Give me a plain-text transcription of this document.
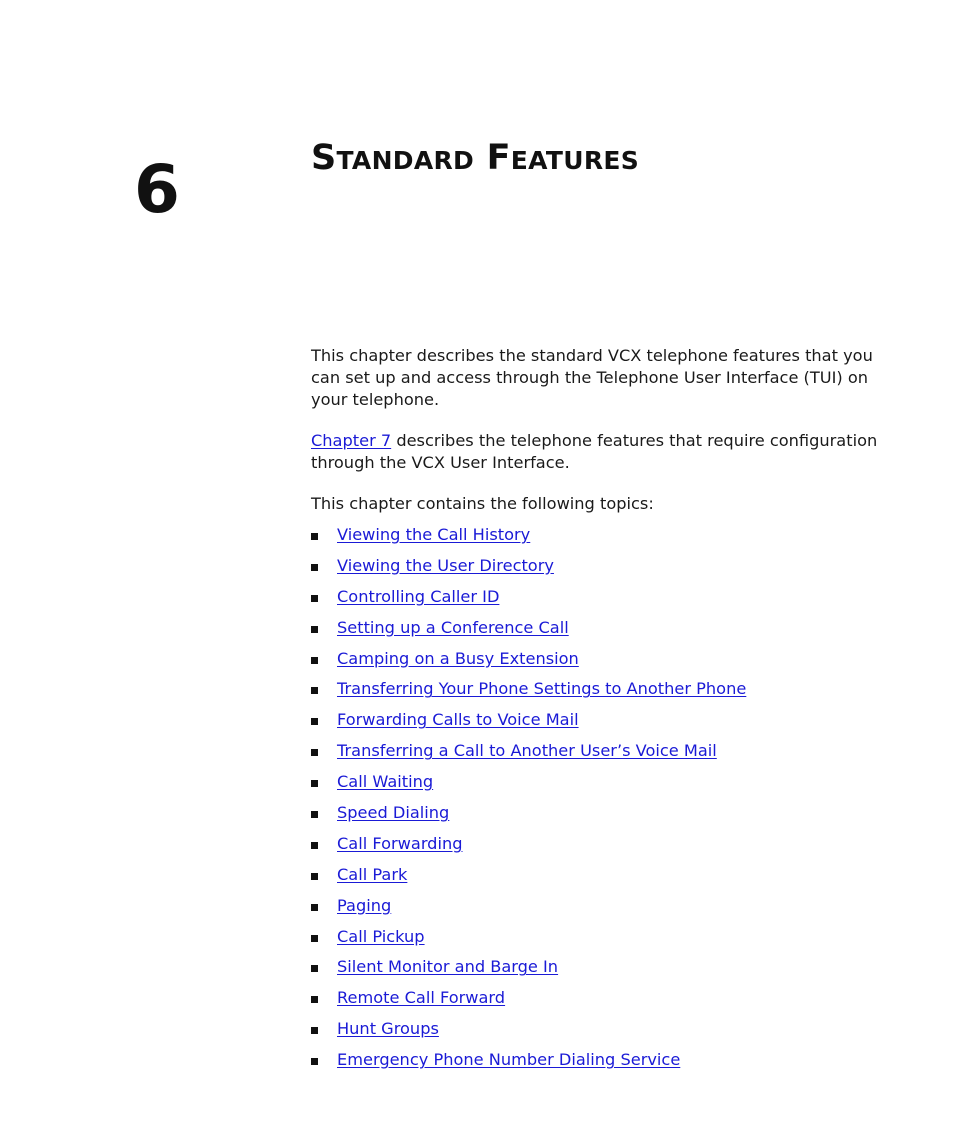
6	Standard Features

This chapter describes the standard VCX telephone features that you can set up and access through the Telephone User Interface (TUI) on your telephone.

Chapter 7 describes the telephone features that require configuration through the VCX User Interface.

This chapter contains the following topics:

Viewing the Call History
Viewing the User Directory
Controlling Caller ID
Setting up a Conference Call
Camping on a Busy Extension
Transferring Your Phone Settings to Another Phone
Forwarding Calls to Voice Mail
Transferring a Call to Another User’s Voice Mail
Call Waiting
Speed Dialing
Call Forwarding
Call Park
Paging
Call Pickup
Silent Monitor and Barge In
Remote Call Forward
Hunt Groups
Emergency Phone Number Dialing Service
